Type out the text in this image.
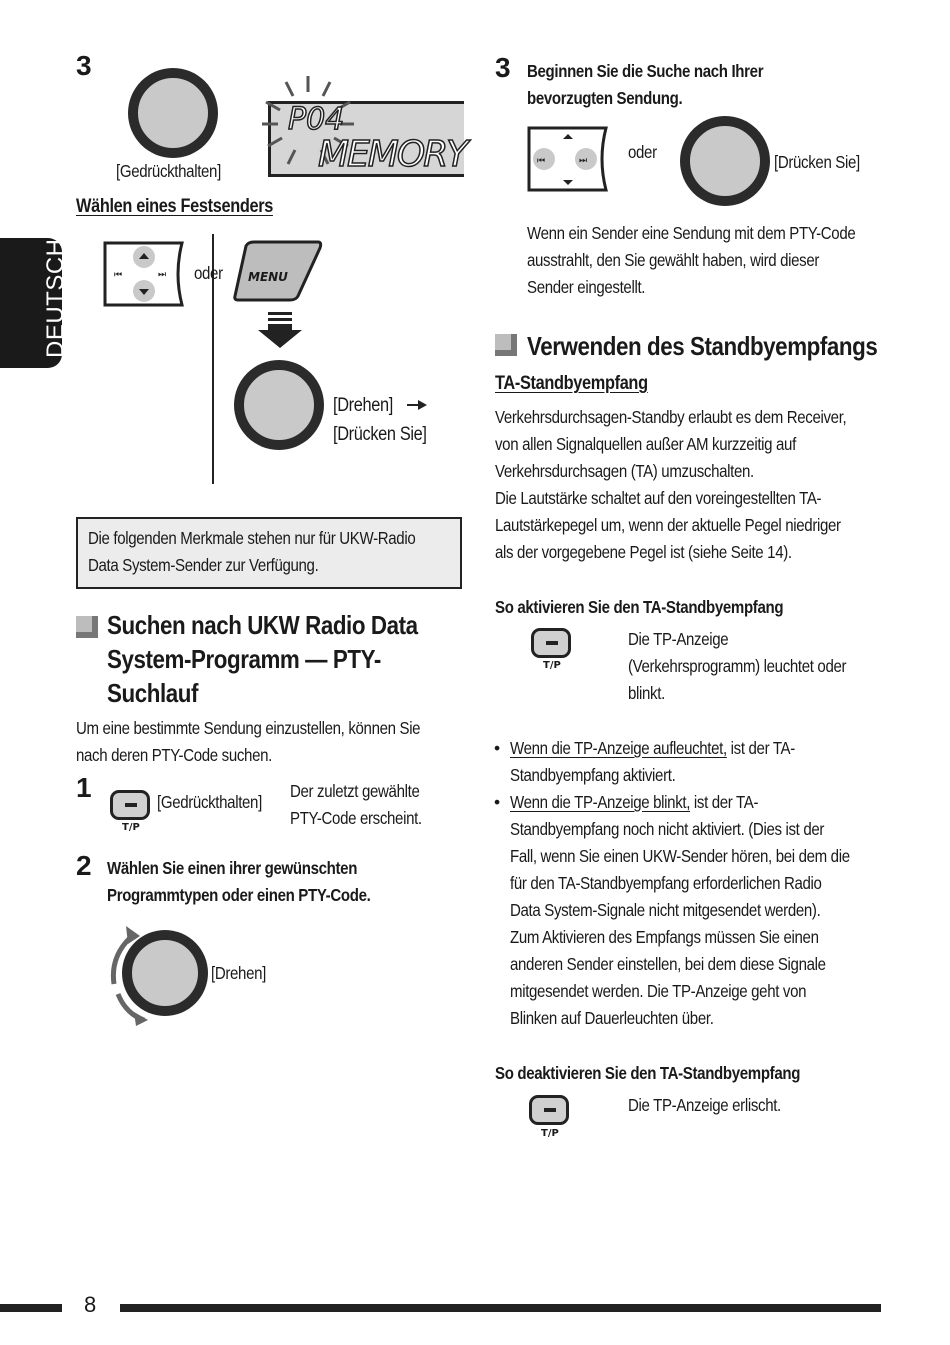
3
[Gedrückthalten]
P04
MEMORY
Wählen eines Festsenders
⏮	⏭ oder MENU
[Drehen]
[Drücken Sie]
Die folgenden Merkmale stehen nur für UKW-Radio
Data System-Sender zur Verfügung.
Suchen nach UKW Radio Data
System-Programm — PTY-
Suchlauf
Um eine bestimmte Sendung einzustellen, können Sie
nach deren PTY-Code suchen.
1
T/P
[Gedrückthalten]
Der zuletzt gewählte
PTY-Code erscheint.
2 Wählen Sie einen ihrer gewünschten
Programmtypen oder einen PTY-Code.
[Drehen]
DEUTSCH
3 Beginnen Sie die Suche nach Ihrer
bevorzugten Sendung.
⏮	⏭ oder	[Drücken Sie]
Wenn ein Sender eine Sendung mit dem PTY-Code
ausstrahlt, den Sie gewählt haben, wird dieser
Sender eingestellt.
Verwenden des Standbyempfangs
TA-Standbyempfang
Verkehrsdurchsagen-Standby erlaubt es dem Receiver,
von allen Signalquellen außer AM kurzzeitig auf
Verkehrsdurchsagen (TA) umzuschalten.
Die Lautstärke schaltet auf den voreingestellten TA-
Lautstärkepegel um, wenn der aktuelle Pegel niedriger
als der vorgegebene Pegel ist (siehe Seite 14).
So aktivieren Sie den TA-Standbyempfang
T/P
Die TP-Anzeige
(Verkehrsprogramm) leuchtet oder
blinkt.
• Wenn die TP-Anzeige aufleuchtet, ist der TA-
Standbyempfang aktiviert.
• Wenn die TP-Anzeige blinkt, ist der TA-
Standbyempfang noch nicht aktiviert. (Dies ist der
Fall, wenn Sie einen UKW-Sender hören, bei dem die
für den TA-Standbyempfang erforderlichen Radio
Data System-Signale nicht mitgesendet werden).
Zum Aktivieren des Empfangs müssen Sie einen
anderen Sender einstellen, bei dem diese Signale
mitgesendet werden. Die TP-Anzeige geht von
Blinken auf Dauerleuchten über.
So deaktivieren Sie den TA-Standbyempfang
T/P
Die TP-Anzeige erlischt.
8
